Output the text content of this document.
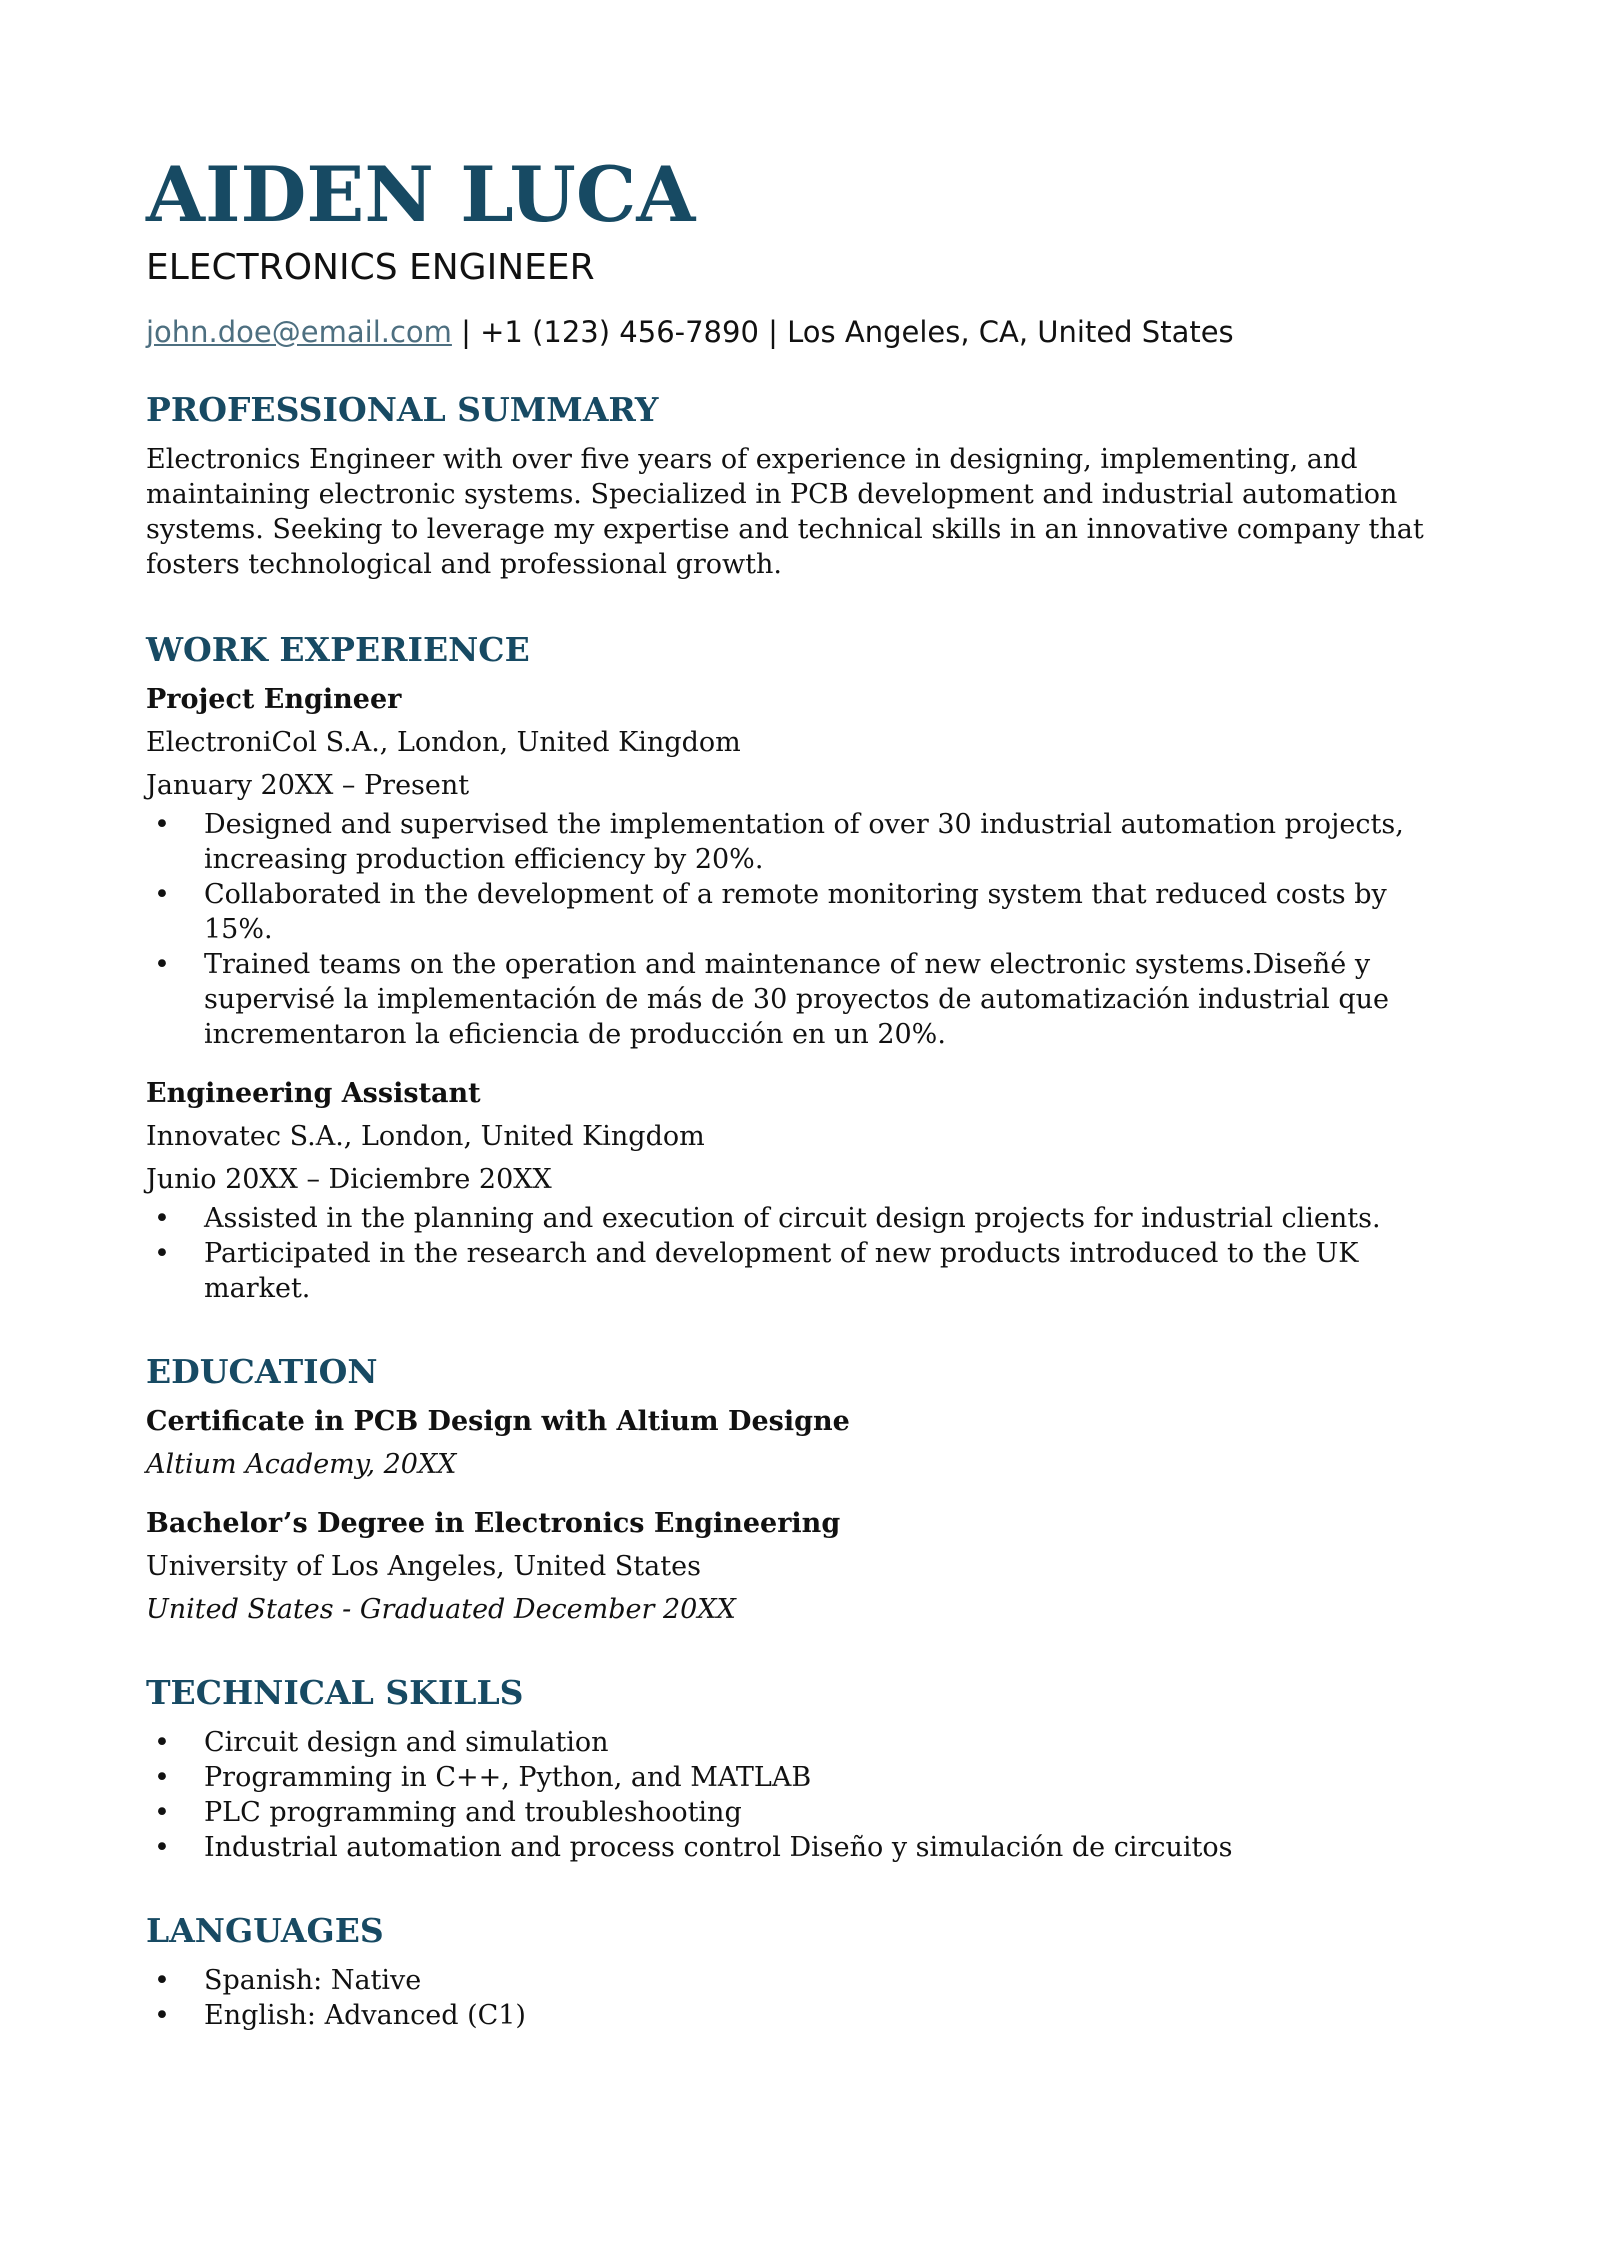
AIDEN LUCA
ELECTRONICS ENGINEER
john.doe@email.com | +1 (123) 456-7890 | Los Angeles, CA, United States
PROFESSIONAL SUMMARY
Electronics Engineer with over five years of experience in designing, implementing, and maintaining electronic systems. Specialized in PCB development and industrial automation systems. Seeking to leverage my expertise and technical skills in an innovative company that fosters technological and professional growth.
WORK EXPERIENCE
Project Engineer
ElectroniCol S.A., London, United Kingdom
January 20XX – Present
• Designed and supervised the implementation of over 30 industrial automation projects, increasing production efficiency by 20%.
• Collaborated in the development of a remote monitoring system that reduced costs by 15%.
• Trained teams on the operation and maintenance of new electronic systems.Diseñé y supervisé la implementación de más de 30 proyectos de automatización industrial que incrementaron la eficiencia de producción en un 20%.
Engineering Assistant
Innovatec S.A., London, United Kingdom
Junio 20XX – Diciembre 20XX
• Assisted in the planning and execution of circuit design projects for industrial clients.
• Participated in the research and development of new products introduced to the UK market.
EDUCATION
Certificate in PCB Design with Altium Designe
Altium Academy, 20XX
Bachelor’s Degree in Electronics Engineering
University of Los Angeles, United States
United States - Graduated December 20XX
TECHNICAL SKILLS
• Circuit design and simulation
• Programming in C++, Python, and MATLAB
• PLC programming and troubleshooting
• Industrial automation and process control Diseño y simulación de circuitos
LANGUAGES
• Spanish: Native
• English: Advanced (C1)
